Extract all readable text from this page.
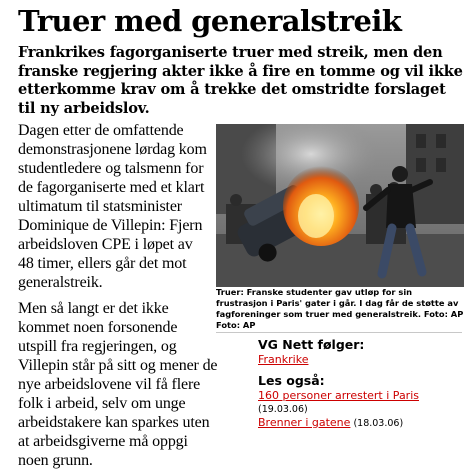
Truer med generalstreik

Frankrikes fagorganiserte truer med streik, men den franske regjering akter ikke å fire en tomme og vil ikke etterkomme krav om å trekke det omstridte forslaget til ny arbeidslov.

Dagen etter de omfattende demonstrasjonene lørdag kom studentledere og talsmenn for de fagorganiserte med et klart ultimatum til statsminister Dominique de Villepin: Fjern arbeidsloven CPE i løpet av 48 timer, ellers går det mot generalstreik.

Truer: Franske studenter gav utløp for sin frustrasjon i Paris' gater i går. I dag får de støtte av fagforeninger som truer med generalstreik. Foto: AP Foto: AP

VG Nett følger:

Frankrike

Les også:

160 personer arrestert i Paris

(19.03.06)

Brenner i gatene (18.03.06)

Men så langt er det ikke kommet noen forsonende utspill fra regjeringen, og Villepin står på sitt og mener de nye arbeidslovene vil få flere folk i arbeid, selv om unge arbeidstakere kan sparkes uten at arbeidsgiverne må oppgi noen grunn.
